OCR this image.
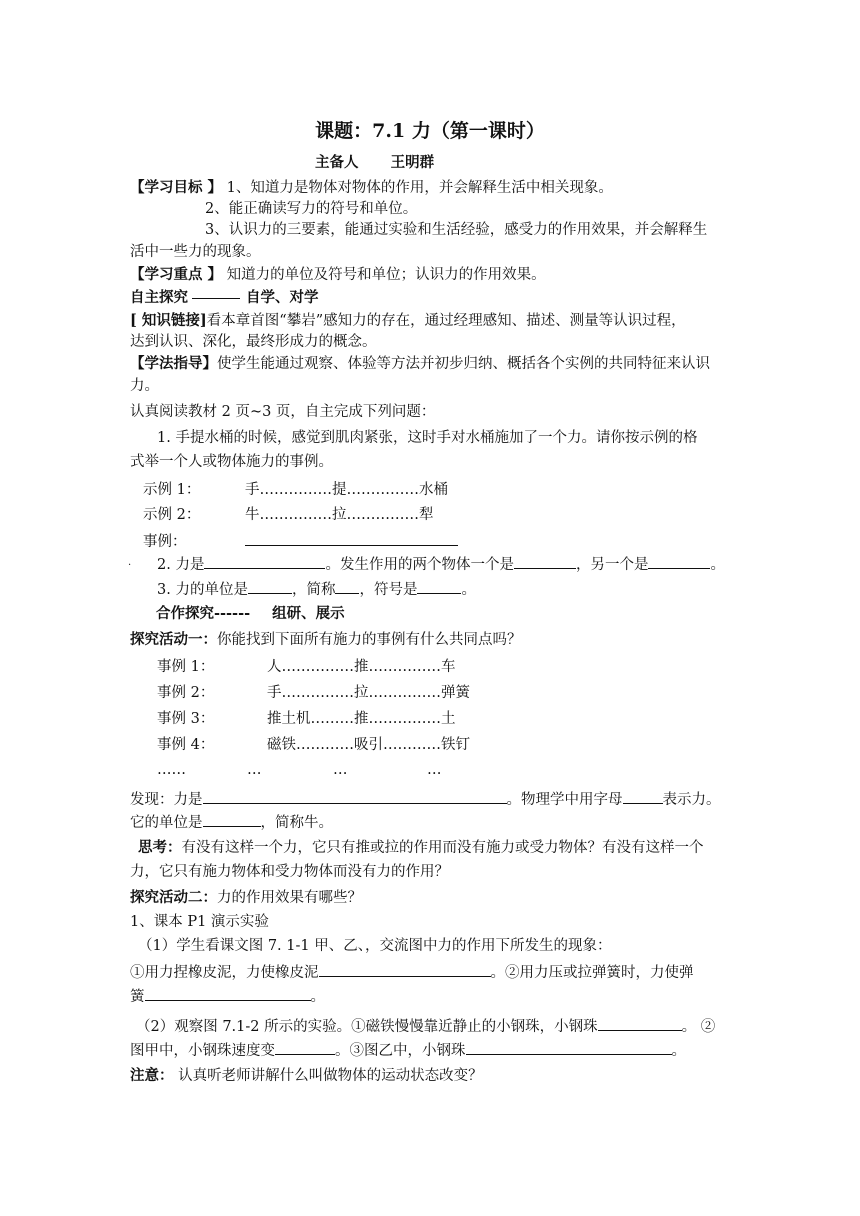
课题：7.1 力（第一课时）
主备人 王明群
【学习目标 】 1、知道力是物体对物体的作用，并会解释生活中相关现象。
2、能正确读写力的符号和单位。
3、认识力的三要素，能通过实验和生活经验，感受力的作用效果，并会解释生
活中一些力的现象。
【学习重点 】 知道力的单位及符号和单位；认识力的作用效果。
自主探究	自学、对学
[ 知识链接]看本章首图“攀岩”感知力的存在，通过经理感知、描述、测量等认识过程，
达到认识、深化，最终形成力的概念。
【学法指导】使学生能通过观察、体验等方法并初步归纳、概括各个实例的共同特征来认识
力。
认真阅读教材 2 页~3 页，自主完成下列问题：
1. 手提水桶的时候，感觉到肌肉紧张，这时手对水桶施加了一个力。请你按示例的格
式举一个人或物体施力的事例。
示例 1：	手……………提……………水桶
示例 2：	牛……………拉……………犁
事例：
. 2. 力是	。发生作用的两个物体一个是	，另一个是	。
3. 力的单位是	，简称 ，符号是	。
合作探究------ 组研、展示
探究活动一：你能找到下面所有施力的事例有什么共同点吗？
事例 1：	人……………推……………车
事例 2：	手……………拉……………弹簧
事例 3：	推土机………推……………土
事例 4：	磁铁…………吸引…………铁钉
……	…	…	…
发现：力是	。物理学中用字母	表示力。
它的单位是	，简称牛。
思考：有没有这样一个力，它只有推或拉的作用而没有施力或受力物体？有没有这样一个
力，它只有施力物体和受力物体而没有力的作用？
探究活动二：力的作用效果有哪些？
1、课本 P1 演示实验
（1）学生看课文图 7. 1-1 甲、乙、，交流图中力的作用下所发生的现象：
①用力捏橡皮泥，力使橡皮泥	。②用力压或拉弹簧时，力使弹
簧	。
（2）观察图 7.1-2 所示的实验。①磁铁慢慢靠近静止的小钢珠，小钢珠	。 ②
图甲中，小钢珠速度变	。③图乙中，小钢珠	。
注意： 认真听老师讲解什么叫做物体的运动状态改变？
